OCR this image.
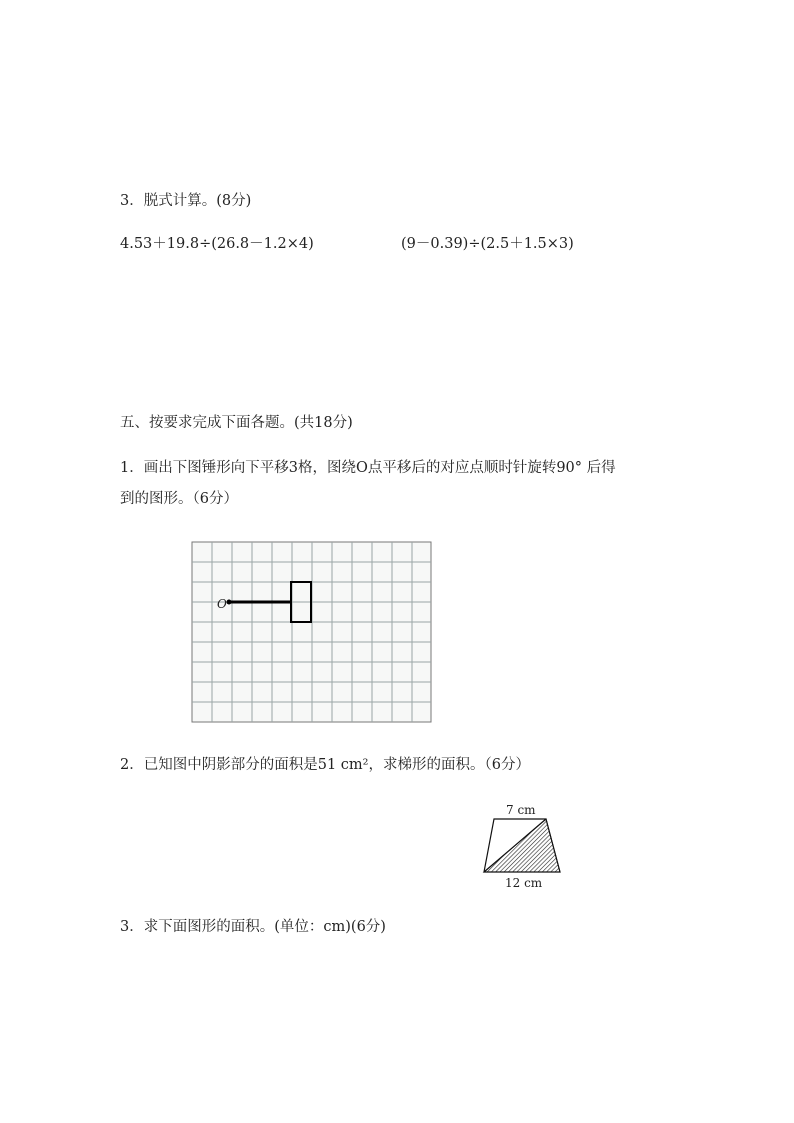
3．脱式计算。(8分)
4.53＋19.8÷(26.8－1.2×4)	(9－0.39)÷(2.5＋1.5×3)
五、按要求完成下面各题。(共18分)
1．画出下图锤形向下平移3格，图绕O点平移后的对应点顺时针旋转90° 后得
到的图形。（6分）
O
2．已知图中阴影部分的面积是51 cm²，求梯形的面积。（6分）
7 cm
12 cm
3．求下面图形的面积。(单位：cm)(6分)
